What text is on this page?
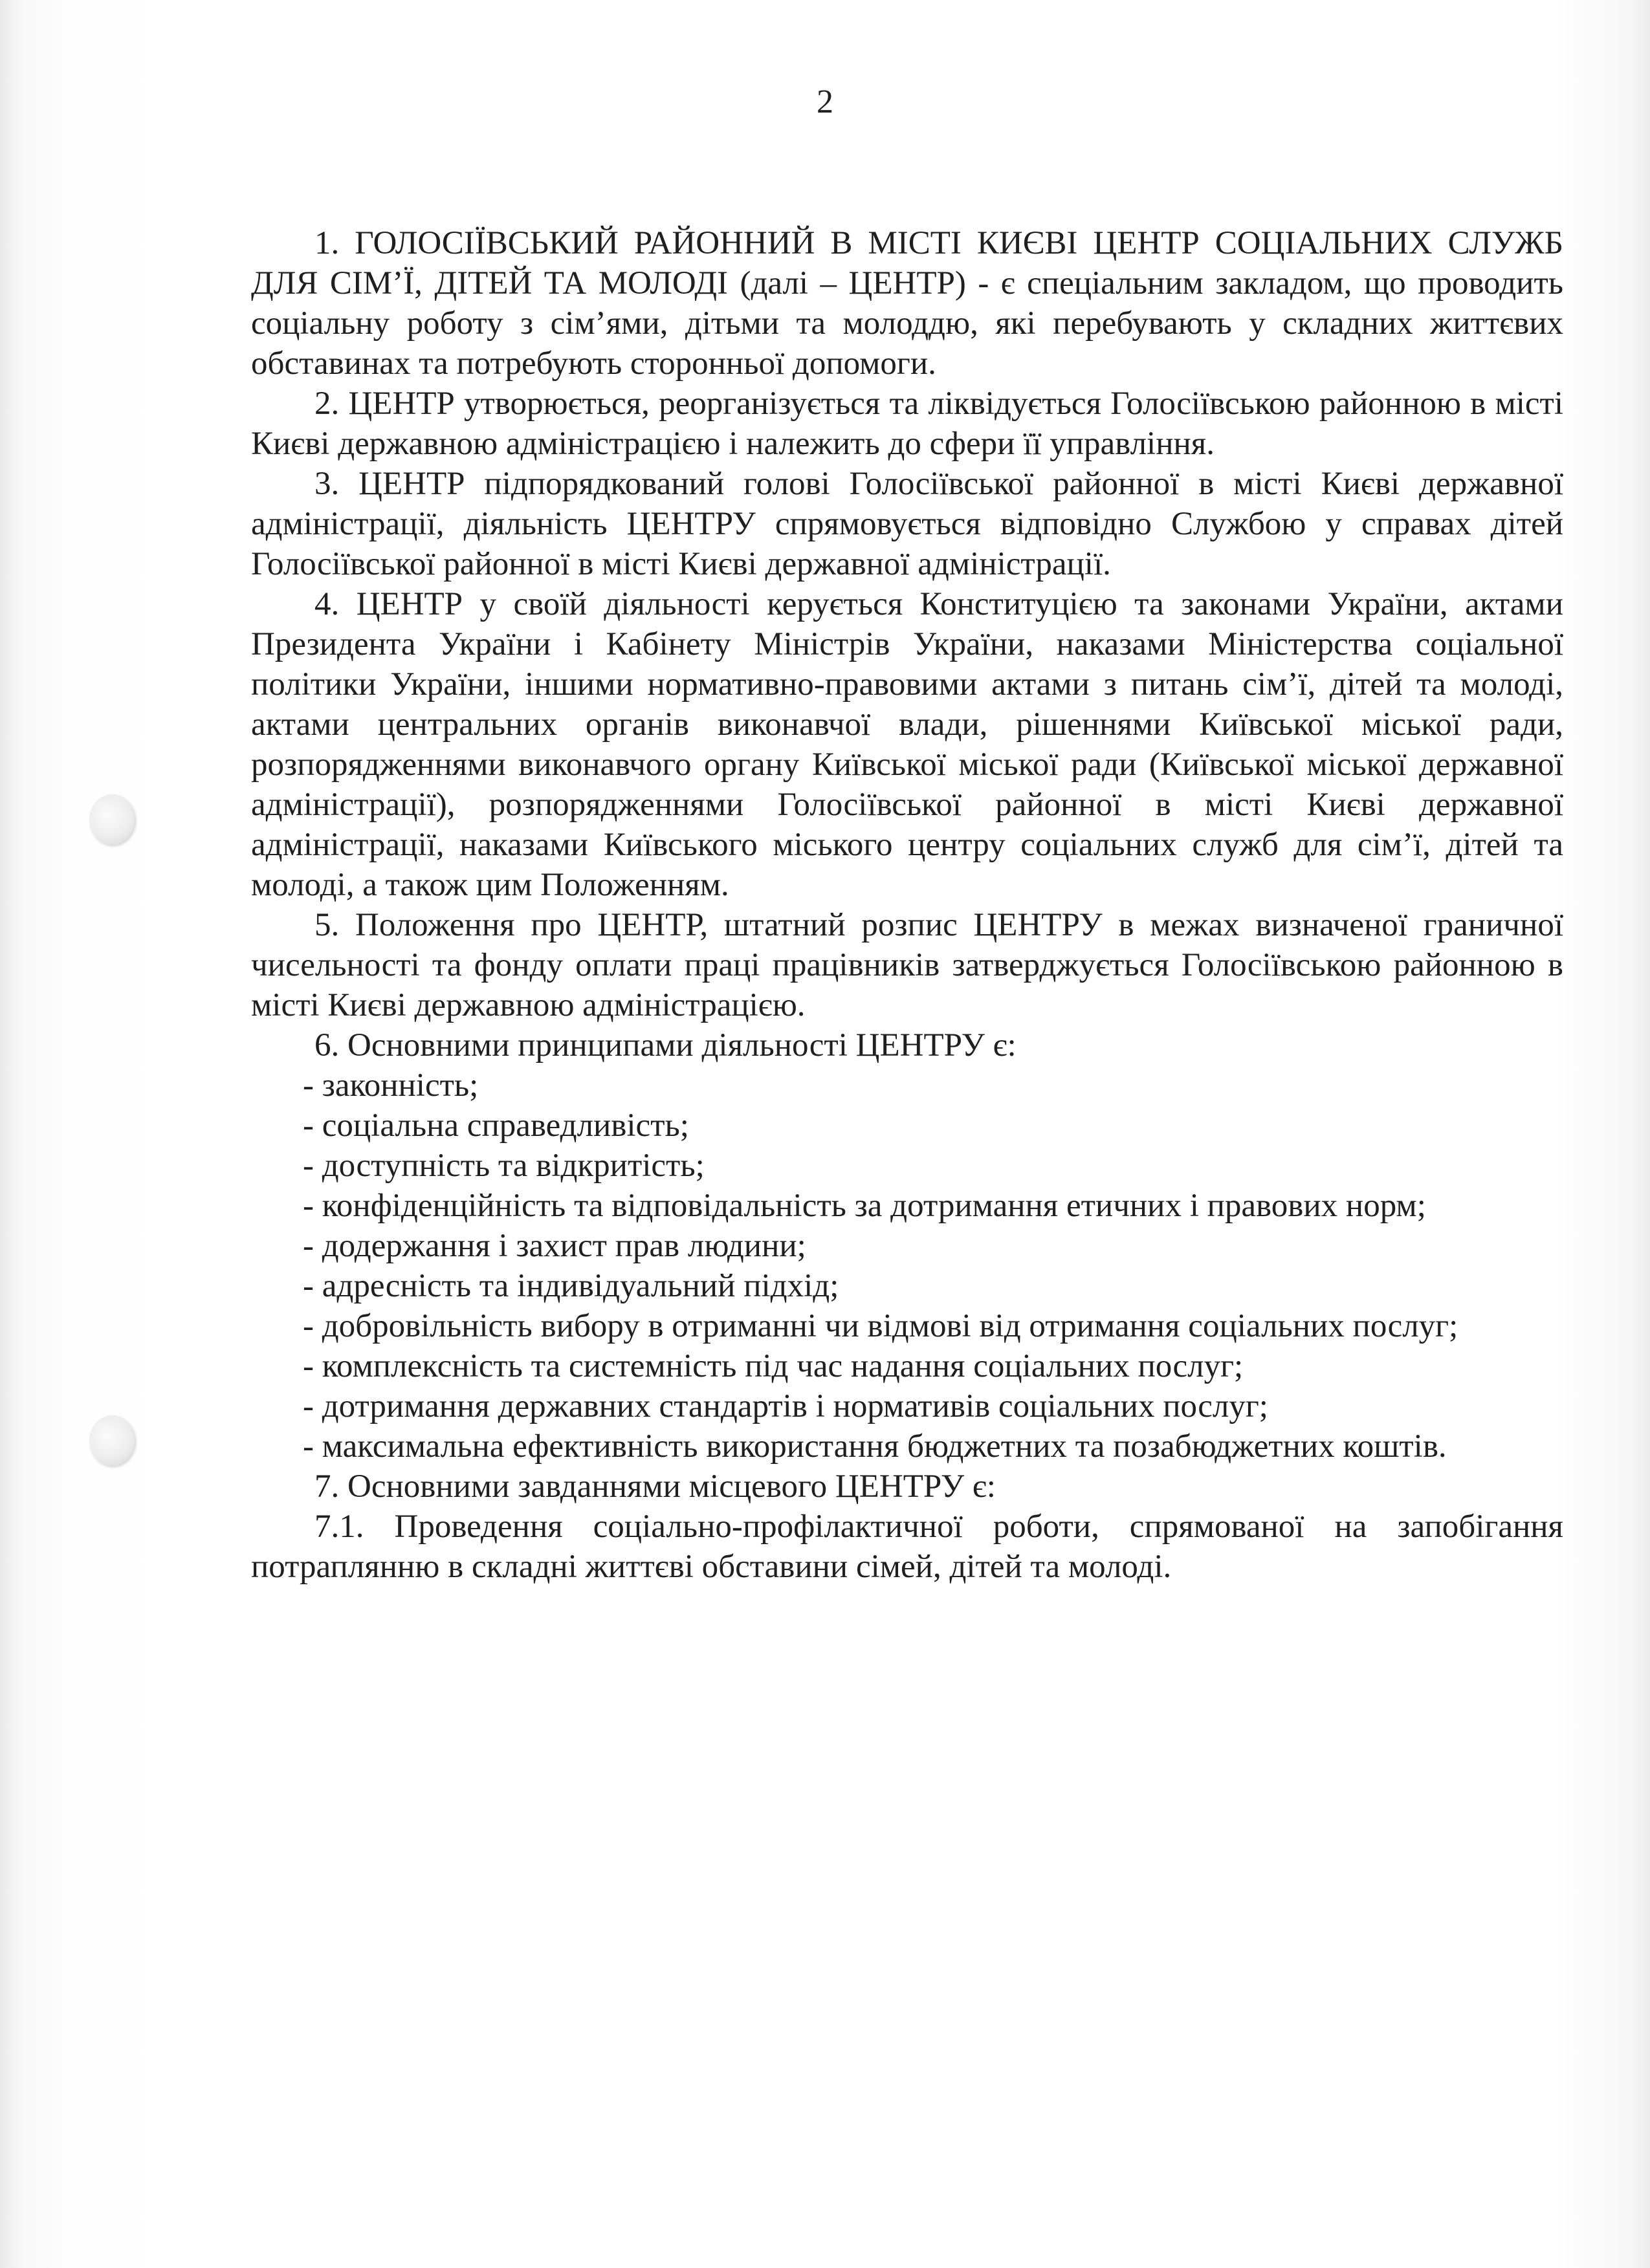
2

1. ГОЛОСІЇВСЬКИЙ РАЙОННИЙ В МІСТІ КИЄВІ ЦЕНТР СОЦІАЛЬНИХ СЛУЖБ ДЛЯ СІМ’Ї, ДІТЕЙ ТА МОЛОДІ (далі – ЦЕНТР) - є спеціальним закладом, що проводить соціальну роботу з сім’ями, дітьми та молоддю, які перебувають у складних життєвих обставинах та потребують сторонньої допомоги.

2. ЦЕНТР утворюється, реорганізується та ліквідується Голосіївською районною в місті Києві державною адміністрацією і належить до сфери її управління.

3. ЦЕНТР підпорядкований голові Голосіївської районної в місті Києві державної адміністрації, діяльність ЦЕНТРУ спрямовується відповідно Службою у справах дітей Голосіївської районної в місті Києві державної адміністрації.

4. ЦЕНТР у своїй діяльності керується Конституцією та законами України, актами Президента України і Кабінету Міністрів України, наказами Міністерства соціальної політики України, іншими нормативно-правовими актами з питань сім’ї, дітей та молоді, актами центральних органів виконавчої влади, рішеннями Київської міської ради, розпорядженнями виконавчого органу Київської міської ради (Київської міської державної адміністрації), розпорядженнями Голосіївської районної в місті Києві державної адміністрації, наказами Київського міського центру соціальних служб для сім’ї, дітей та молоді, а також цим Положенням.

5. Положення про ЦЕНТР, штатний розпис ЦЕНТРУ в межах визначеної граничної чисельності та фонду оплати праці працівників затверджується Голосіївською районною в місті Києві державною адміністрацією.

6. Основними принципами діяльності ЦЕНТРУ є:

- законність;

- соціальна справедливість;

- доступність та відкритість;

- конфіденційність та відповідальність за дотримання етичних і правових норм;

- додержання і захист прав людини;

- адресність та індивідуальний підхід;

- добровільність вибору в отриманні чи відмові від отримання соціальних послуг;

- комплексність та системність під час надання соціальних послуг;

- дотримання державних стандартів і нормативів соціальних послуг;

- максимальна ефективність використання бюджетних та позабюджетних коштів.

7. Основними завданнями місцевого ЦЕНТРУ є:

7.1. Проведення соціально-профілактичної роботи, спрямованої на запобігання потраплянню в складні життєві обставини сімей, дітей та молоді.
